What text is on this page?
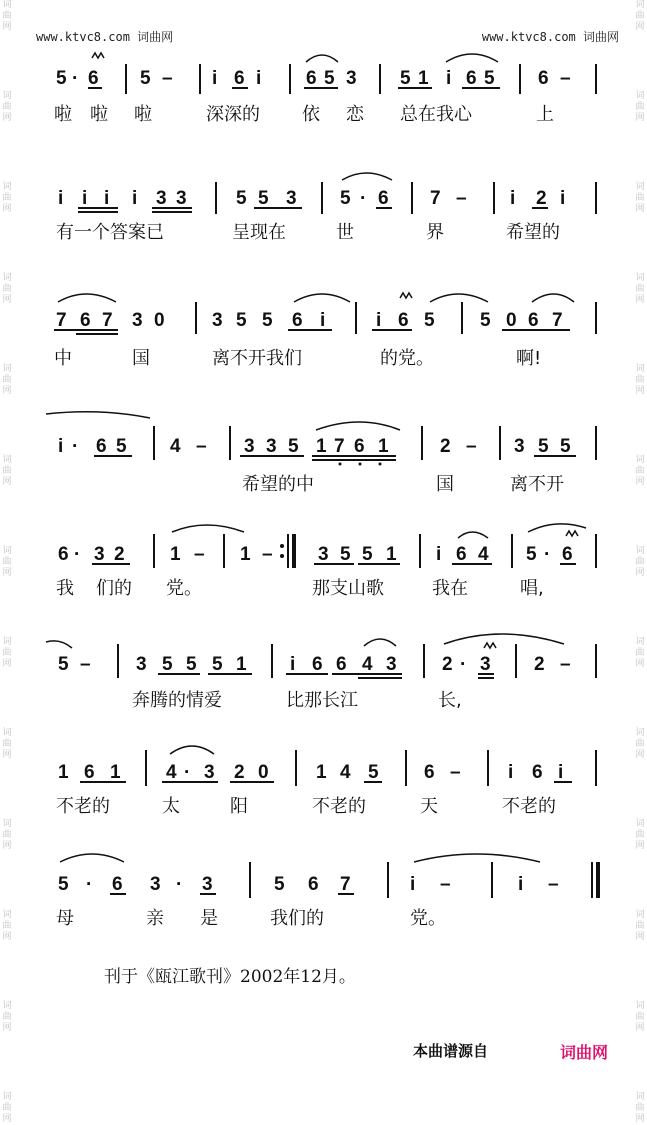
词
曲
网
词
曲
网
词
曲
网
词
曲
网
词
曲
网
词
曲
网
词
曲
网
词
曲
网
词
曲
网
词
曲
网
词
曲
网
词
曲
网
词
曲
网
词
曲
网
词
曲
网
词
曲
网
词
曲
网
词
曲
网
词
曲
网
词
曲
网
词
曲
网
词
曲
网
词
曲
网
词
曲
网
词
曲
网
词
曲
网
www.ktvc8.com 词曲网	www.ktvc8.com 词曲网
5 · 6 5 – i 6 i 6 5 3 5 1 i 6 5 6 –
啦 啦 啦	深深的 依 恋 总在我心	上
i i i i 3 3	5 5 3 5 · 6 7 – i 2 i
有一个答案已	呈现在	世	界	希望的
7 6 7 3 0 3 5 5 6 i	i 6 5 5 0 6 7
中	国	离不开我们	的党。	啊!
i · 6 5 4 – 3 3 5 1 7 6 1	2 – 3 5 5
希望的中	国	离不开
6 · 3 2 1 – 1 – 3 5 5 1 i 6 4 5 · 6
我 们的 党。	那支山歌	我在	唱,
5 – 3 5 5 5 1 i 6 6 4 3 2 · 3 2 –
奔腾的情爱	比那长江	长,
1 6 1 4 · 3 2 0 1 4 5 6 – i 6 i
不老的	太	阳	不老的	天	不老的
5 · 6 3 · 3	5 6 7	i –	i –
母	亲 是	我们的	党。
刊于《瓯江歌刊》2002年12月。
本曲谱源自	词曲网
